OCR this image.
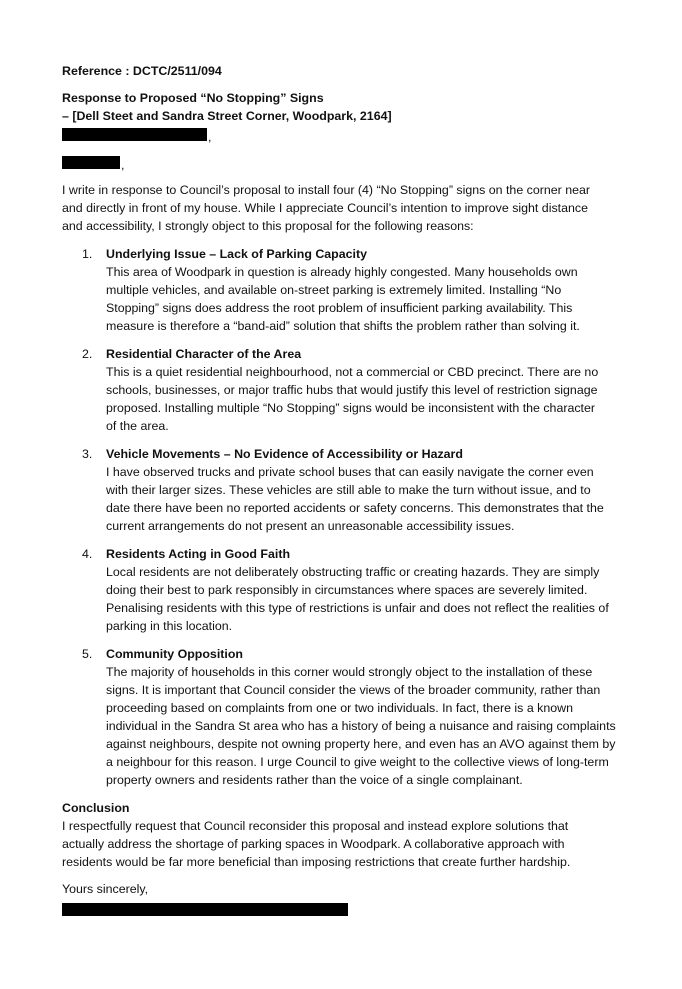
Reference : DCTC/2511/094
Response to Proposed “No Stopping” Signs
– [Dell Steet and Sandra Street Corner, Woodpark, 2164]
,
,
I write in response to Council’s proposal to install four (4) “No Stopping” signs on the corner near
and directly in front of my house. While I appreciate Council’s intention to improve sight distance
and accessibility, I strongly object to this proposal for the following reasons:
1. Underlying Issue – Lack of Parking Capacity
This area of Woodpark in question is already highly congested. Many households own
multiple vehicles, and available on-street parking is extremely limited. Installing “No
Stopping” signs does address the root problem of insufficient parking availability. This
measure is therefore a “band-aid” solution that shifts the problem rather than solving it.
2. Residential Character of the Area
This is a quiet residential neighbourhood, not a commercial or CBD precinct. There are no
schools, businesses, or major traffic hubs that would justify this level of restriction signage
proposed. Installing multiple “No Stopping” signs would be inconsistent with the character
of the area.
3. Vehicle Movements – No Evidence of Accessibility or Hazard
I have observed trucks and private school buses that can easily navigate the corner even
with their larger sizes. These vehicles are still able to make the turn without issue, and to
date there have been no reported accidents or safety concerns. This demonstrates that the
current arrangements do not present an unreasonable accessibility issues.
4. Residents Acting in Good Faith
Local residents are not deliberately obstructing traffic or creating hazards. They are simply
doing their best to park responsibly in circumstances where spaces are severely limited.
Penalising residents with this type of restrictions is unfair and does not reflect the realities of
parking in this location.
5. Community Opposition
The majority of households in this corner would strongly object to the installation of these
signs. It is important that Council consider the views of the broader community, rather than
proceeding based on complaints from one or two individuals. In fact, there is a known
individual in the Sandra St area who has a history of being a nuisance and raising complaints
against neighbours, despite not owning property here, and even has an AVO against them by
a neighbour for this reason. I urge Council to give weight to the collective views of long-term
property owners and residents rather than the voice of a single complainant.
Conclusion
I respectfully request that Council reconsider this proposal and instead explore solutions that
actually address the shortage of parking spaces in Woodpark. A collaborative approach with
residents would be far more beneficial than imposing restrictions that create further hardship.
Yours sincerely,
